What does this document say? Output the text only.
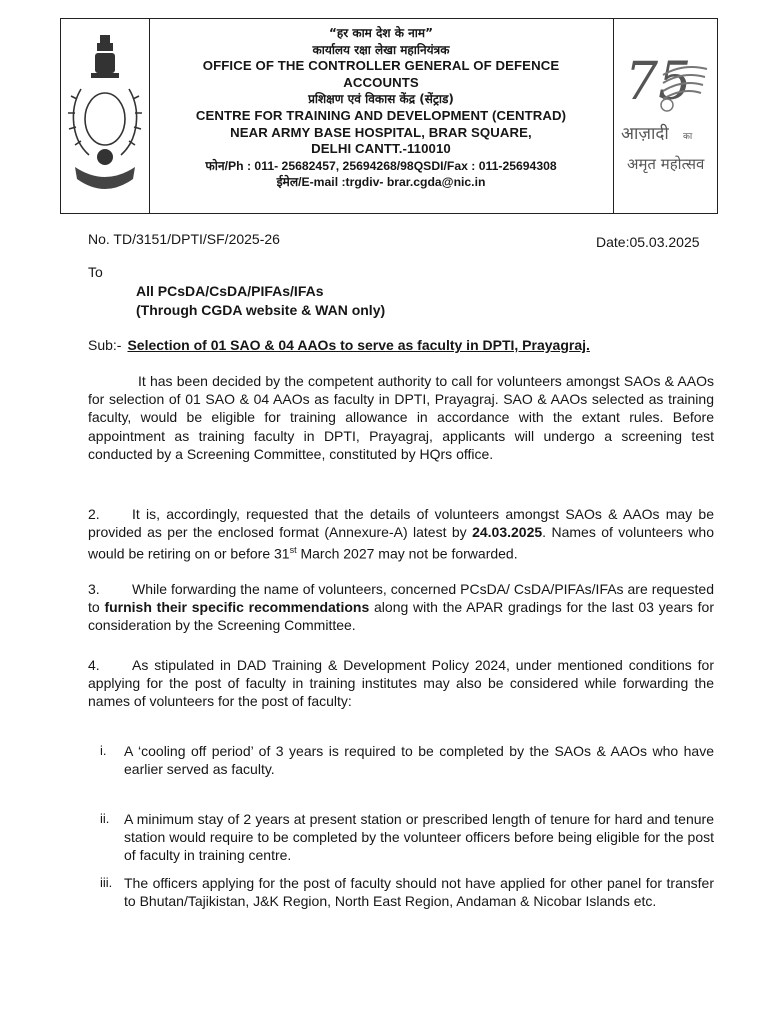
“हर काम देश के नाम”
कार्यालय रक्षा लेखा महानियंत्रक
OFFICE OF THE CONTROLLER GENERAL OF DEFENCE
ACCOUNTS
प्रशिक्षण एवं विकास केंद्र (सेंट्राड)
CENTRE FOR TRAINING AND DEVELOPMENT (CENTRAD)
NEAR ARMY BASE HOSPITAL, BRAR SQUARE,
DELHI CANTT.-110010
फोन/Ph : 011- 25682457, 25694268/98QSDI/Fax : 011-25694308
ईमेल/E-mail :trgdiv- brar.cgda@nic.in
75
आज़ादी का
अमृत महोत्सव
No. TD/3151/DPTI/SF/2025-26	Date:05.03.2025
To
All PCsDA/CsDA/PIFAs/IFAs
(Through CGDA website & WAN only)
Sub:- Selection of 01 SAO & 04 AAOs to serve as faculty in DPTI, Prayagraj.
It has been decided by the competent authority to call for volunteers amongst SAOs & AAOs for selection of 01 SAO & 04 AAOs as faculty in DPTI, Prayagraj. SAO & AAOs selected as training faculty, would be eligible for training allowance in accordance with the extant rules. Before appointment as training faculty in DPTI, Prayagraj, applicants will undergo a screening test conducted by a Screening Committee, constituted by HQrs office.
2. It is, accordingly, requested that the details of volunteers amongst SAOs & AAOs may be provided as per the enclosed format (Annexure-A) latest by 24.03.2025. Names of volunteers who would be retiring on or before 31st March 2027 may not be forwarded.
3. While forwarding the name of volunteers, concerned PCsDA/ CsDA/PIFAs/IFAs are requested to furnish their specific recommendations along with the APAR gradings for the last 03 years for consideration by the Screening Committee.
4. As stipulated in DAD Training & Development Policy 2024, under mentioned conditions for applying for the post of faculty in training institutes may also be considered while forwarding the names of volunteers for the post of faculty:
i.	A ‘cooling off period’ of 3 years is required to be completed by the SAOs & AAOs who have earlier served as faculty.
ii.	A minimum stay of 2 years at present station or prescribed length of tenure for hard and tenure station would require to be completed by the volunteer officers before being eligible for the post of faculty in training centre.
iii. The officers applying for the post of faculty should not have applied for other panel for transfer to Bhutan/Tajikistan, J&K Region, North East Region, Andaman & Nicobar Islands etc.
